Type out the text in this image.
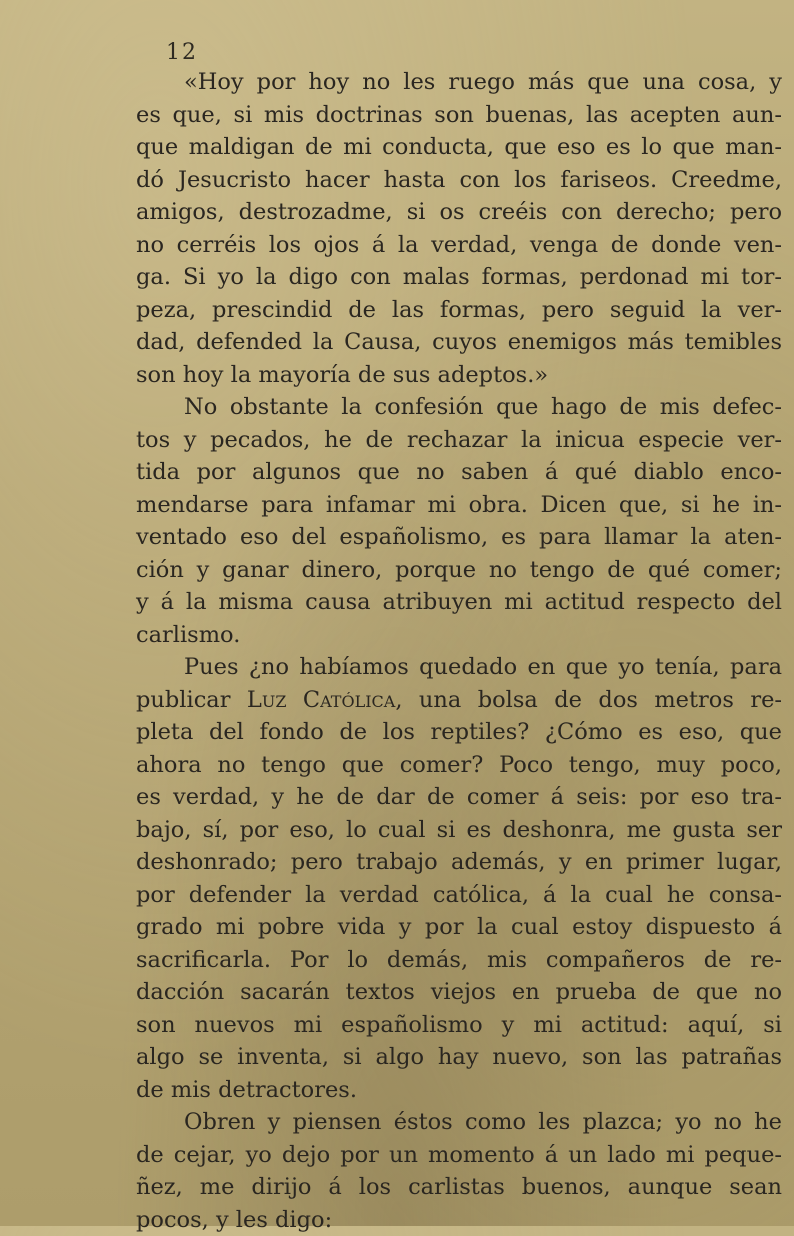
12
«Hoy por hoy no les ruego más que una cosa, y
es que, si mis doctrinas son buenas, las acepten aun-
que maldigan de mi conducta, que eso es lo que man-
dó Jesucristo hacer hasta con los fariseos. Creedme,
amigos, destrozadme, si os creéis con derecho; pero
no cerréis los ojos á la verdad, venga de donde ven-
ga. Si yo la digo con malas formas, perdonad mi tor-
peza, prescindid de las formas, pero seguid la ver-
dad, defended la Causa, cuyos enemigos más temibles
son hoy la mayoría de sus adeptos.»
No obstante la confesión que hago de mis defec-
tos y pecados, he de rechazar la inicua especie ver-
tida por algunos que no saben á qué diablo enco-
mendarse para infamar mi obra. Dicen que, si he in-
ventado eso del españolismo, es para llamar la aten-
ción y ganar dinero, porque no tengo de qué comer;
y á la misma causa atribuyen mi actitud respecto del
carlismo.
Pues ¿no habíamos quedado en que yo tenía, para
publicar Luz Católica, una bolsa de dos metros re-
pleta del fondo de los reptiles? ¿Cómo es eso, que
ahora no tengo que comer? Poco tengo, muy poco,
es verdad, y he de dar de comer á seis: por eso tra-
bajo, sí, por eso, lo cual si es deshonra, me gusta ser
deshonrado; pero trabajo además, y en primer lugar,
por defender la verdad católica, á la cual he consa-
grado mi pobre vida y por la cual estoy dispuesto á
sacrificarla. Por lo demás, mis compañeros de re-
dacción sacarán textos viejos en prueba de que no
son nuevos mi españolismo y mi actitud: aquí, si
algo se inventa, si algo hay nuevo, son las patrañas
de mis detractores.
Obren y piensen éstos como les plazca; yo no he
de cejar, yo dejo por un momento á un lado mi peque-
ñez, me dirijo á los carlistas buenos, aunque sean
pocos, y les digo:
